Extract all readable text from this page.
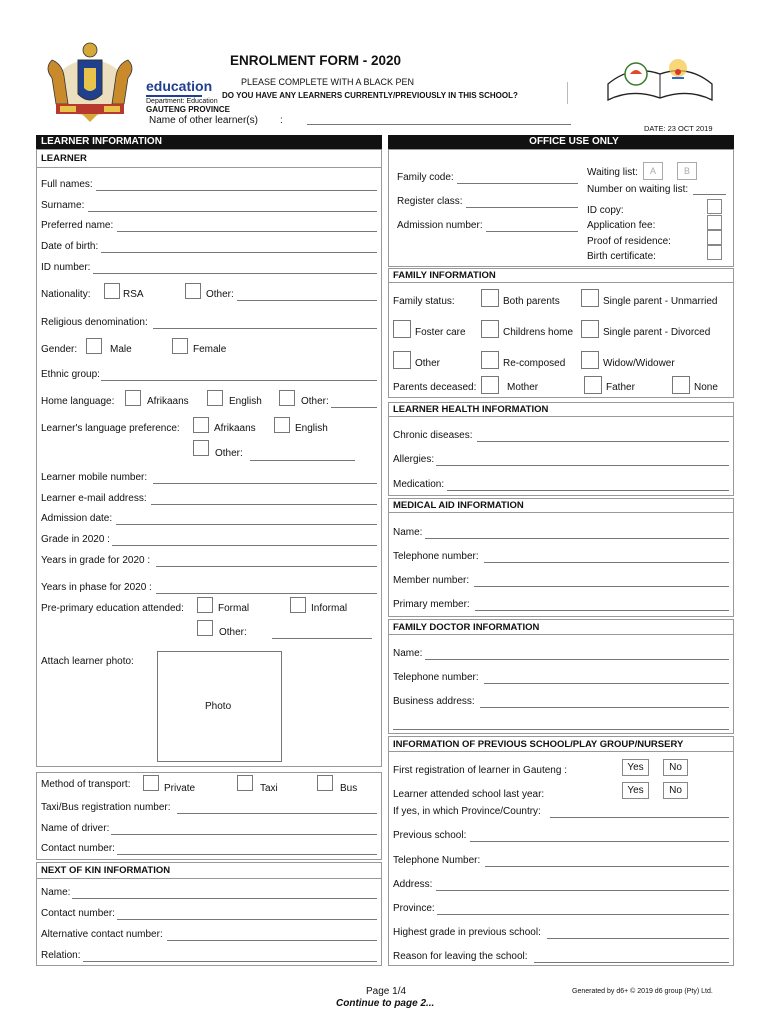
education
Department: Education
GAUTENG PROVINCE
ENROLMENT FORM - 2020
PLEASE COMPLETE WITH A BLACK PEN
DO YOU HAVE ANY LEARNERS CURRENTLY/PREVIOUSLY IN THIS SCHOOL?
Name of other learner(s) :
DATE: 23 OCT 2019
LEARNER INFORMATION
LEARNER
Full names:
Surname:
Preferred name:
Date of birth:
ID number:
Nationality:	RSA	Other:
Religious denomination:
Gender:	Male	Female
Ethnic group:
Home language:	Afrikaans	English	Other:
Learner's language preference:	Afrikaans	English
Other:
Learner mobile number:
Learner e-mail address:
Admission date:
Grade in 2020 :
Years in grade for 2020 :
Years in phase for 2020 :
Pre-primary education attended:	Formal	Informal
Other:
Attach learner photo:
Photo
Method of transport:	Private	Taxi	Bus
Taxi/Bus registration number:
Name of driver:
Contact number:
NEXT OF KIN INFORMATION
Name:
Contact number:
Alternative contact number:
Relation:
OFFICE USE ONLY
Family code:
Register class:
Admission number:
Waiting list:	A	B
Number on waiting list:
ID copy:
Application fee:
Proof of residence:
Birth certificate:
FAMILY INFORMATION
Family status:	Both parents	Single parent - Unmarried
Foster care	Childrens home	Single parent - Divorced
Other	Re-composed	Widow/Widower
Parents deceased:	Mother	Father	None
LEARNER HEALTH INFORMATION
Chronic diseases:
Allergies:
Medication:
MEDICAL AID INFORMATION
Name:
Telephone number:
Member number:
Primary member:
FAMILY DOCTOR INFORMATION
Name:
Telephone number:
Business address:
INFORMATION OF PREVIOUS SCHOOL/PLAY GROUP/NURSERY
First registration of learner in Gauteng :	Yes	No
Learner attended school last year:	Yes	No
If yes, in which Province/Country:
Previous school:
Telephone Number:
Address:
Province:
Highest grade in previous school:
Reason for leaving the school:
Page 1/4
Continue to page 2...
Generated by d6+ © 2019 d6 group (Pty) Ltd.
